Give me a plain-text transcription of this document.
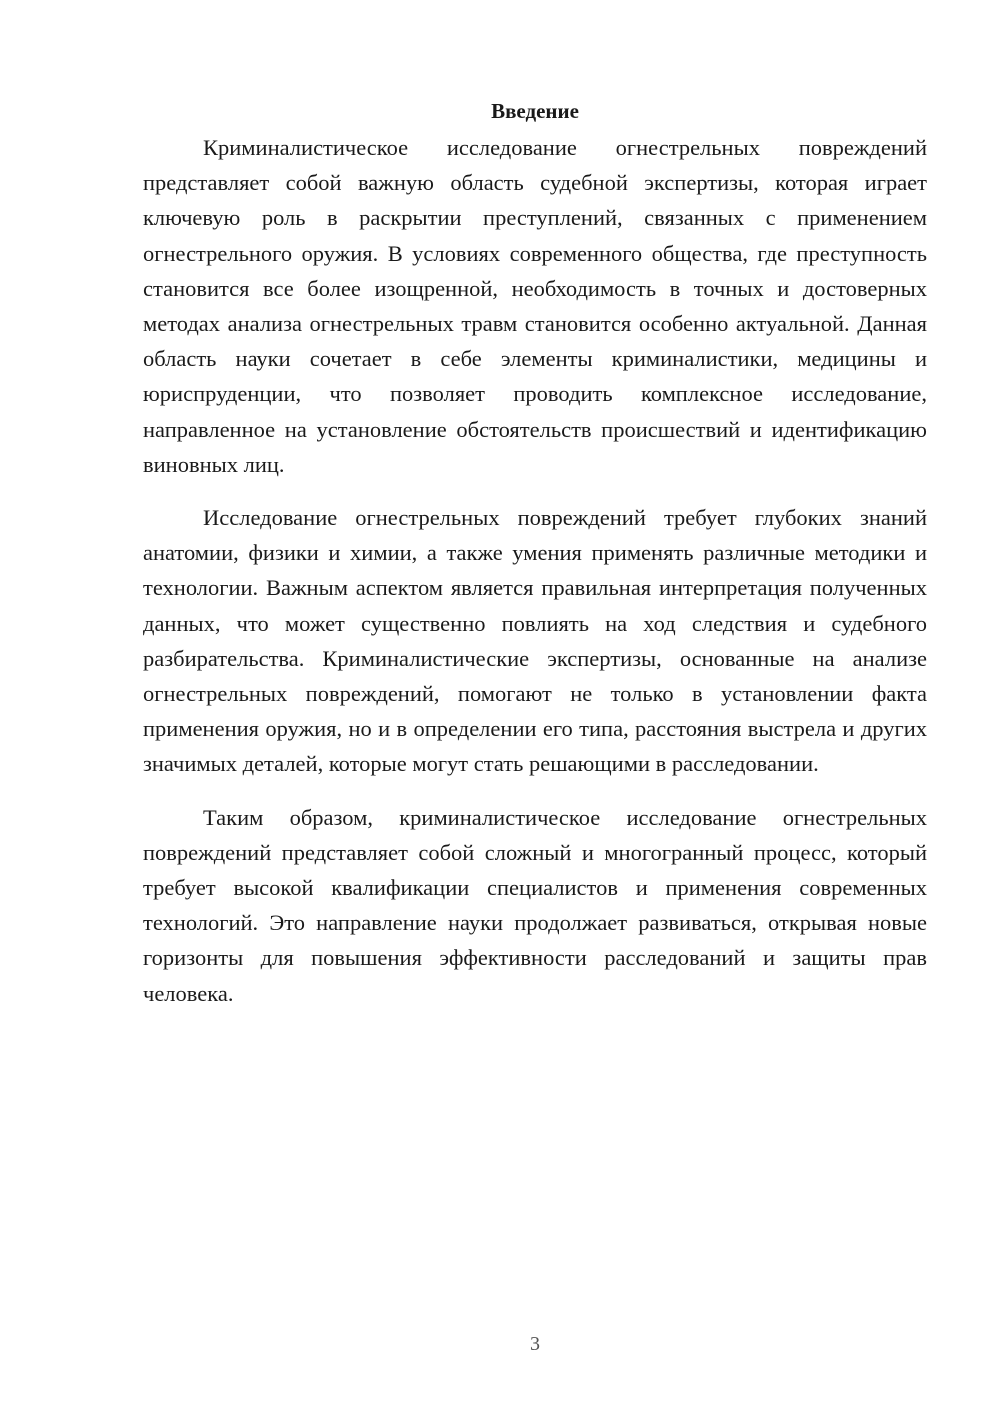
Введение

Криминалистическое исследование огнестрельных повреждений представляет собой важную область судебной экспертизы, которая играет ключевую роль в раскрытии преступлений, связанных с применением огнестрельного оружия. В условиях современного общества, где преступность становится все более изощренной, необходимость в точных и достоверных методах анализа огнестрельных травм становится особенно актуальной. Данная область науки сочетает в себе элементы криминалистики, медицины и юриспруденции, что позволяет проводить комплексное исследование, направленное на установление обстоятельств происшествий и идентификацию виновных лиц.

Исследование огнестрельных повреждений требует глубоких знаний анатомии, физики и химии, а также умения применять различные методики и технологии. Важным аспектом является правильная интерпретация полученных данных, что может существенно повлиять на ход следствия и судебного разбирательства. Криминалистические экспертизы, основанные на анализе огнестрельных повреждений, помогают не только в установлении факта применения оружия, но и в определении его типа, расстояния выстрела и других значимых деталей, которые могут стать решающими в расследовании.

Таким образом, криминалистическое исследование огнестрельных повреждений представляет собой сложный и многогранный процесс, который требует высокой квалификации специалистов и применения современных технологий. Это направление науки продолжает развиваться, открывая новые горизонты для повышения эффективности расследований и защиты прав человека.

3
